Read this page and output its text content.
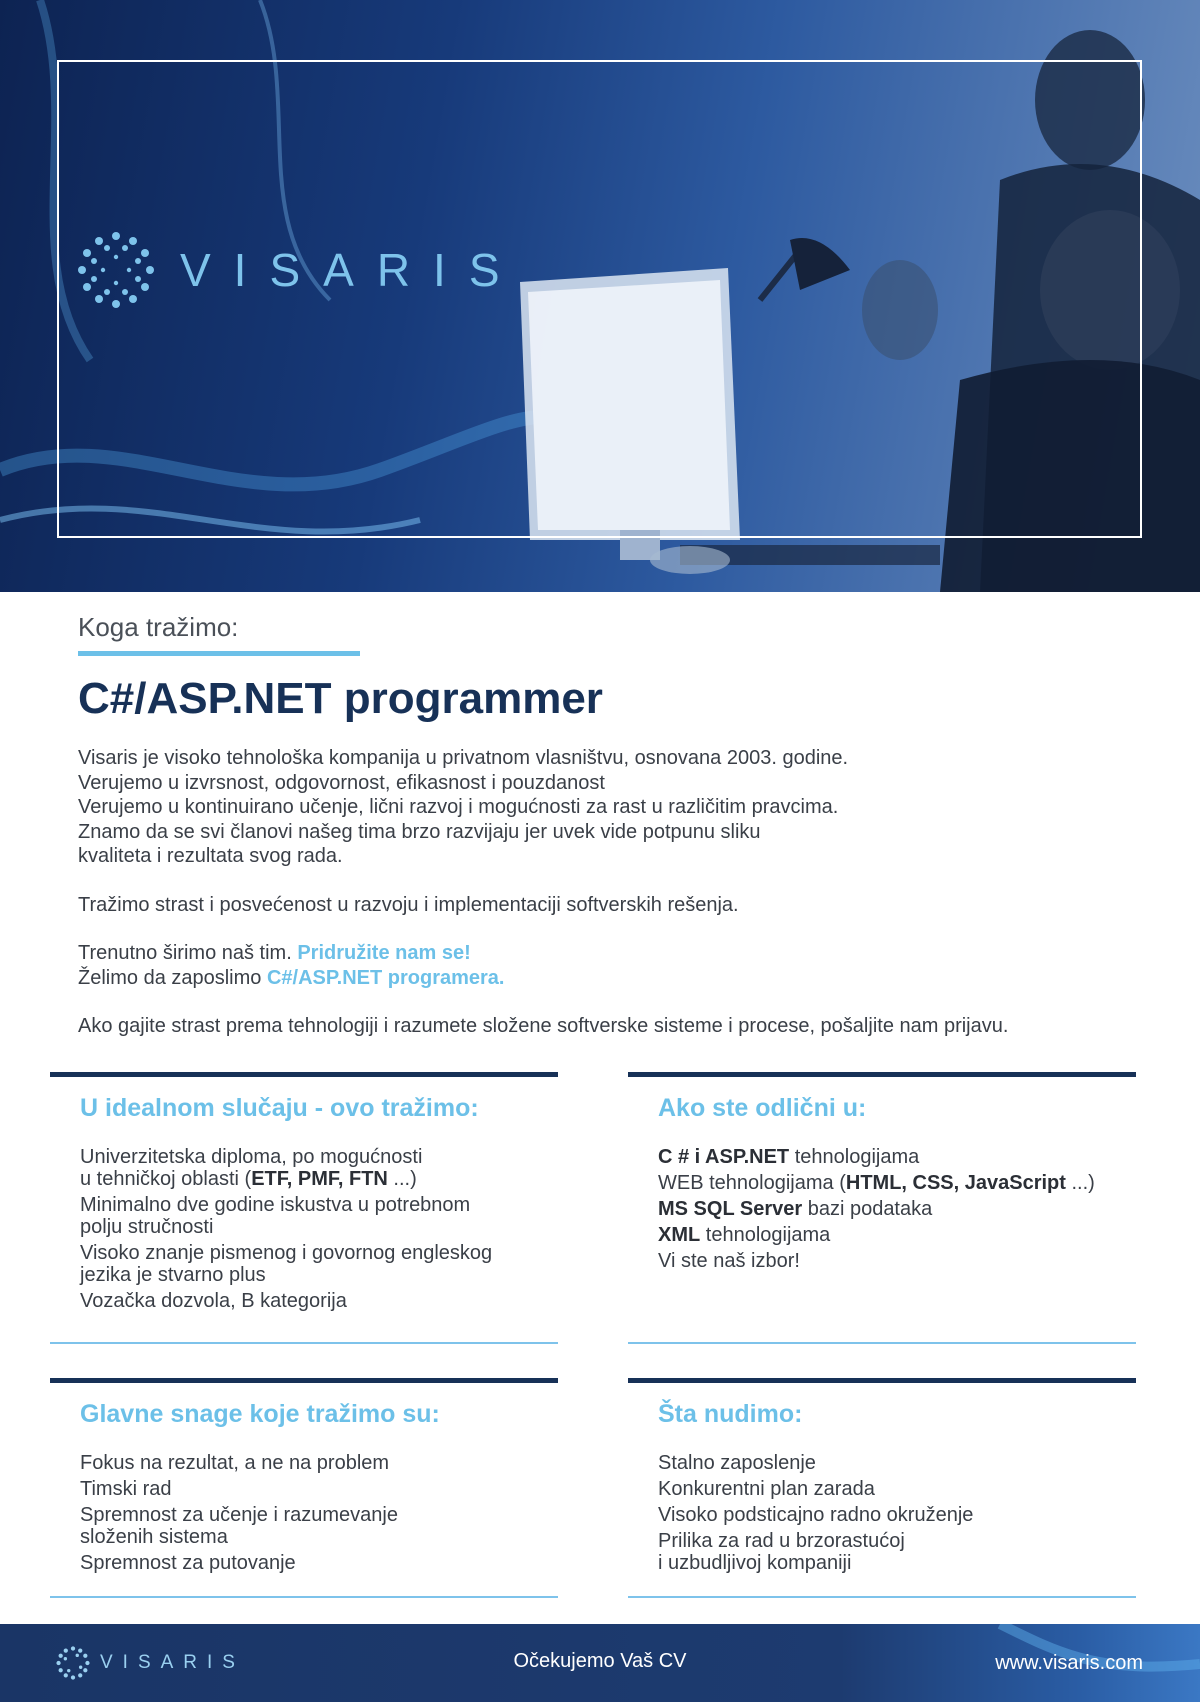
VISARIS
Koga tražimo:
C#/ASP.NET programmer

Visaris je visoko tehnološka kompanija u privatnom vlasništvu, osnovana 2003. godine.

Verujemo u izvrsnost, odgovornost, efikasnost i pouzdanost

Verujemo u kontinuirano učenje, lični razvoj i mogućnosti za rast u različitim pravcima.

Znamo da se svi članovi našeg tima brzo razvijaju jer uvek vide potpunu sliku

kvaliteta i rezultata svog rada.

Tražimo strast i posvećenost u razvoju i implementaciji softverskih rešenja.

Trenutno širimo naš tim. Pridružite nam se!

Želimo da zaposlimo C#/ASP.NET programera.

Ako gajite strast prema tehnologiji i razumete složene softverske sisteme i procese, pošaljite nam prijavu.

U idealnom slučaju - ovo tražimo:
Univerzitetska diploma, po mogućnosti
u tehničkoj oblasti (ETF, PMF, FTN ...)
Minimalno dve godine iskustva u potrebnom
polju stručnosti
Visoko znanje pismenog i govornog engleskog
jezika je stvarno plus
Vozačka dozvola, B kategorija
Ako ste odlični u:
C # i ASP.NET tehnologijama
WEB tehnologijama (HTML, CSS, JavaScript ...)
MS SQL Server bazi podataka
XML tehnologijama
Vi ste naš izbor!
Glavne snage koje tražimo su:
Fokus na rezultat, a ne na problem
Timski rad
Spremnost za učenje i razumevanje
složenih sistema
Spremnost za putovanje
Šta nudimo:
Stalno zaposlenje
Konkurentni plan zarada
Visoko podsticajno radno okruženje
Prilika za rad u brzorastućoj
i uzbudljivoj kompaniji
VISARIS	Očekujemo Vaš CV	www.visaris.com
